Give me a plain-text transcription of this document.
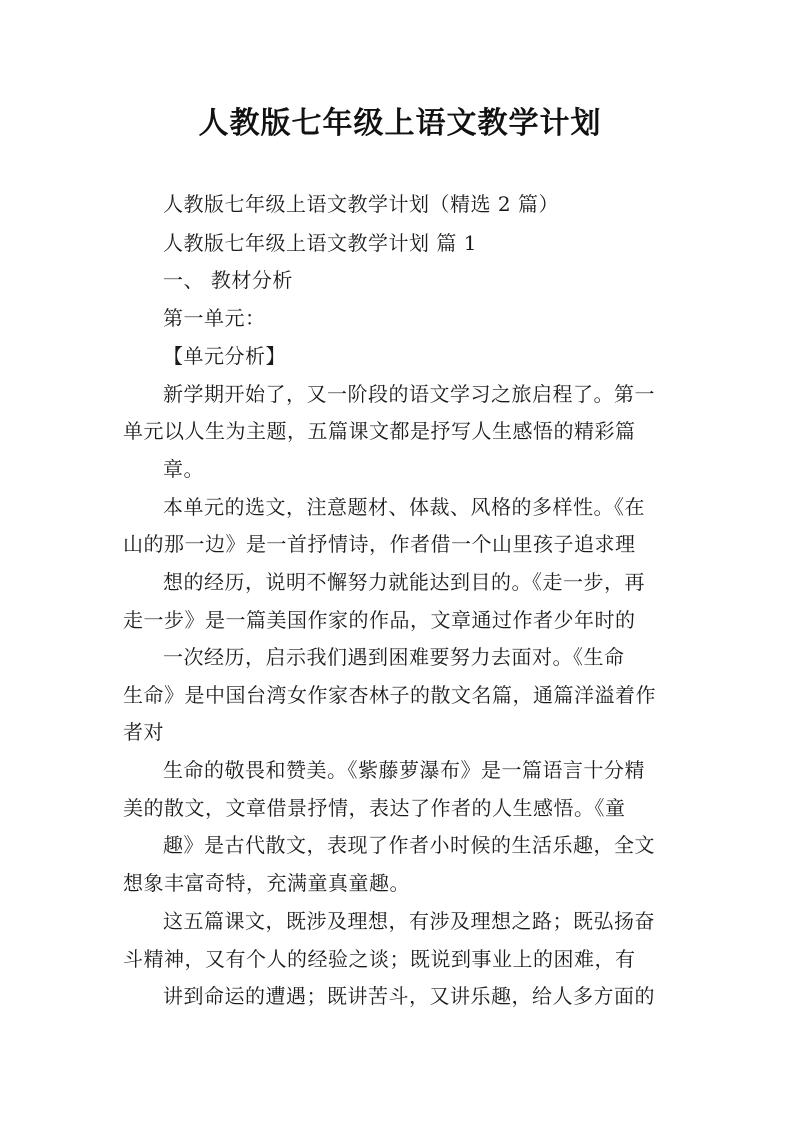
人教版七年级上语文教学计划
人教版七年级上语文教学计划（精选 2 篇）
人教版七年级上语文教学计划 篇 1
一、 教材分析
第一单元：
【单元分析】
新学期开始了，又一阶段的语文学习之旅启程了。第一
单元以人生为主题，五篇课文都是抒写人生感悟的精彩篇
章。
本单元的选文，注意题材、体裁、风格的多样性。《在
山的那一边》是一首抒情诗，作者借一个山里孩子追求理
想的经历，说明不懈努力就能达到目的。《走一步，再
走一步》是一篇美国作家的作品，文章通过作者少年时的
一次经历，启示我们遇到困难要努力去面对。《生命
生命》是中国台湾女作家杏林子的散文名篇，通篇洋溢着作
者对
生命的敬畏和赞美。《紫藤萝瀑布》是一篇语言十分精
美的散文，文章借景抒情，表达了作者的人生感悟。《童
趣》是古代散文，表现了作者小时候的生活乐趣，全文
想象丰富奇特，充满童真童趣。
这五篇课文，既涉及理想，有涉及理想之路；既弘扬奋
斗精神，又有个人的经验之谈；既说到事业上的困难，有
讲到命运的遭遇；既讲苦斗，又讲乐趣，给人多方面的
